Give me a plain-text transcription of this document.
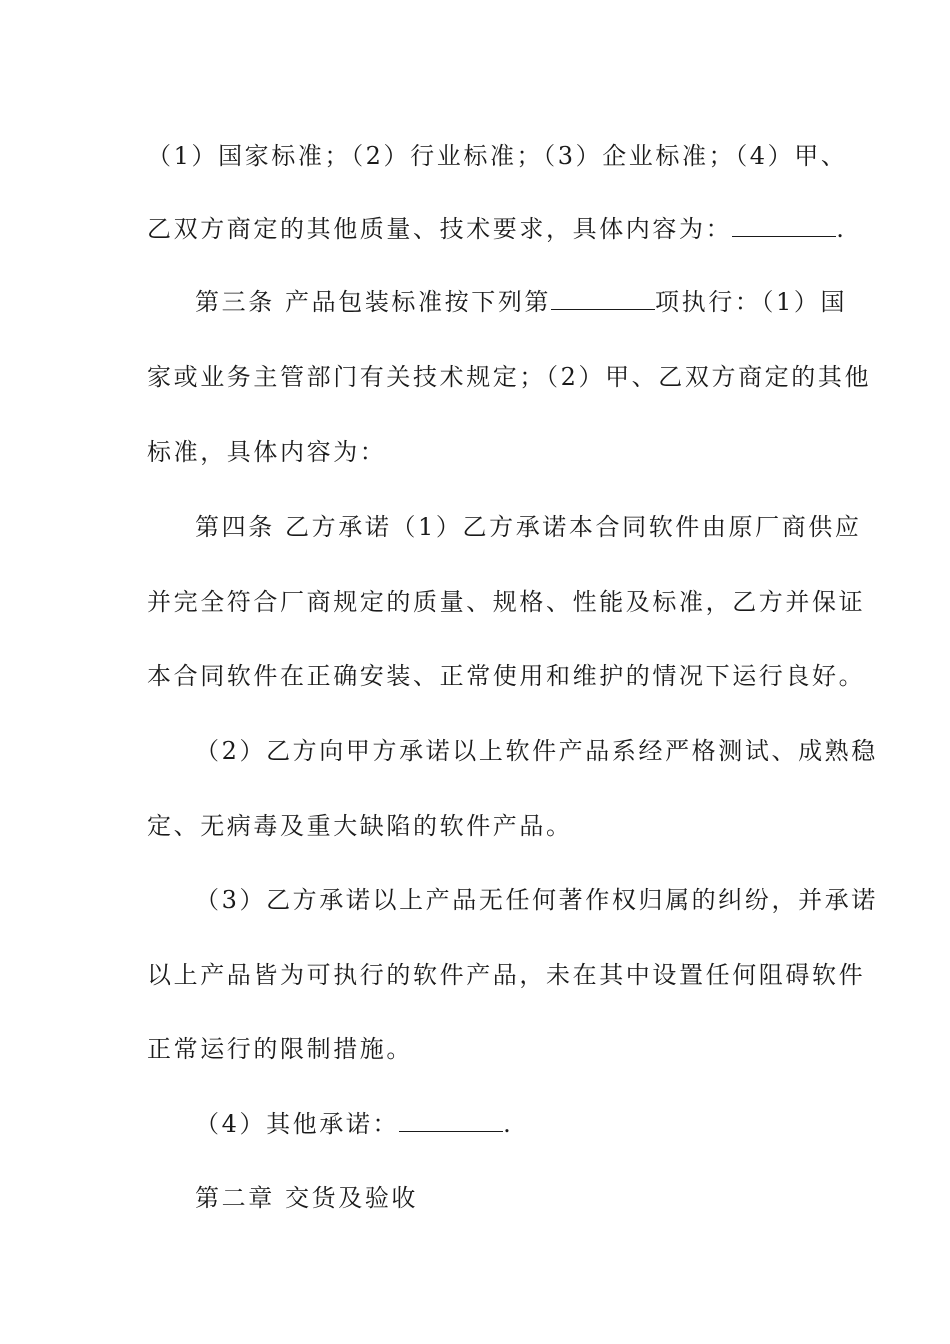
（1）国家标准；（2）行业标准；（3）企业标准；（4）甲、
乙双方商定的其他质量、技术要求，具体内容为：	.
第三条 产品包装标准按下列第	项执行：（1）国
家或业务主管部门有关技术规定；（2）甲、乙双方商定的其他
标准，具体内容为：
第四条 乙方承诺（1）乙方承诺本合同软件由原厂商供应
并完全符合厂商规定的质量、规格、性能及标准，乙方并保证
本合同软件在正确安装、正常使用和维护的情况下运行良好。
（2）乙方向甲方承诺以上软件产品系经严格测试、成熟稳
定、无病毒及重大缺陷的软件产品。
（3）乙方承诺以上产品无任何著作权归属的纠纷，并承诺
以上产品皆为可执行的软件产品，未在其中设置任何阻碍软件
正常运行的限制措施。
（4）其他承诺：	.
第二章 交货及验收
